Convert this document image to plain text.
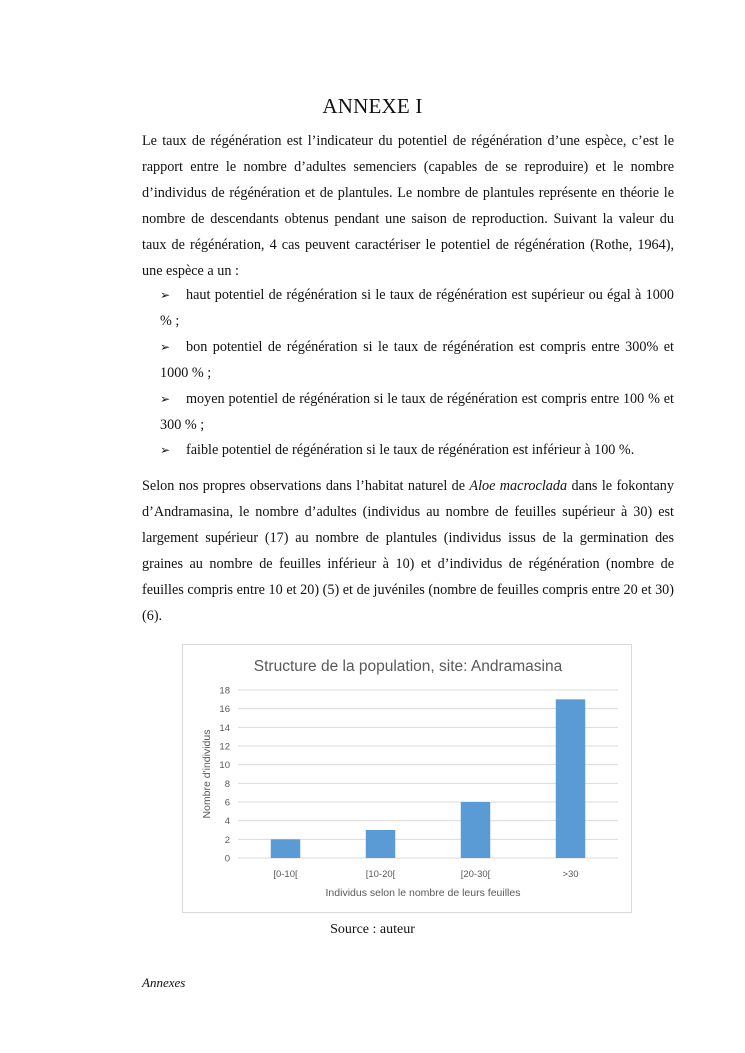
ANNEXE I
Le taux de régénération est l’indicateur du potentiel de régénération d’une espèce, c’est le rapport entre le nombre d’adultes semenciers (capables de se reproduire) et le nombre d’individus de régénération et de plantules. Le nombre de plantules représente en théorie le nombre de descendants obtenus pendant une saison de reproduction. Suivant la valeur du taux de régénération, 4 cas peuvent caractériser le potentiel de régénération (Rothe, 1964), une espèce a un :
➢ haut potentiel de régénération si le taux de régénération est supérieur ou égal à 1000 % ;
➢ bon potentiel de régénération si le taux de régénération est compris entre 300% et 1000 % ;
➢ moyen potentiel de régénération si le taux de régénération est compris entre 100 % et 300 % ;
➢ faible potentiel de régénération si le taux de régénération est inférieur à 100 %.
Selon nos propres observations dans l’habitat naturel de Aloe macroclada dans le fokontany d’Andramasina, le nombre d’adultes (individus au nombre de feuilles supérieur à 30) est largement supérieur (17) au nombre de plantules (individus issus de la germination des graines au nombre de feuilles inférieur à 10) et d’individus de régénération (nombre de feuilles compris entre 10 et 20) (5) et de juvéniles (nombre de feuilles compris entre 20 et 30) (6).
Structure de la population, site: Andramasina
0
2
4
6
8
10
12
14
16
18
[0-10[	[10-20[	[20-30[	>30
Individus selon le nombre de leurs feuilles
Nombre d'individus
Source : auteur
Annexes
